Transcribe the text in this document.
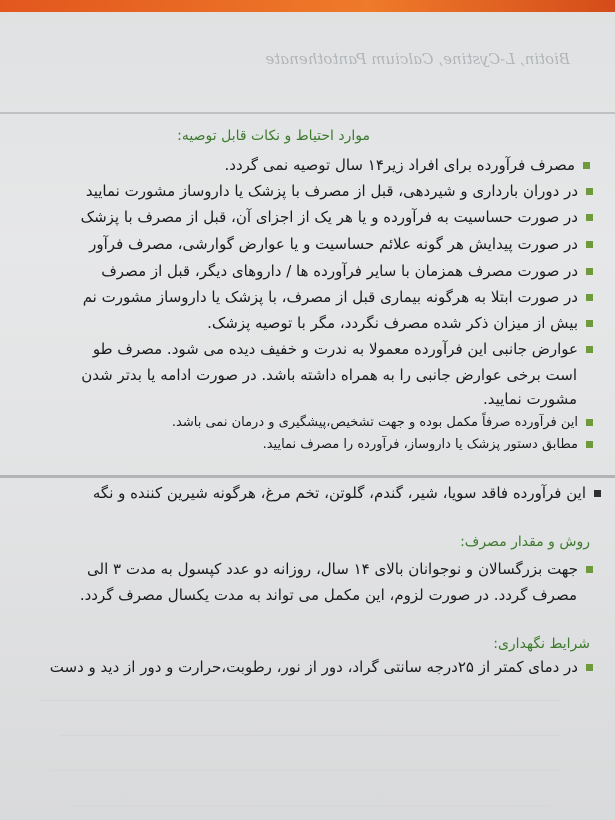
Biotin, L-Cystine, Calcium Pantothenate
موارد احتیاط و نکات قابل توصیه:
مصرف فرآورده برای افراد زیر۱۴ سال توصیه نمی گردد.
در دوران بارداری و شیردهی، قبل از مصرف با پزشک یا داروساز مشورت نمایید
در صورت حساسیت به فرآورده و یا هر یک از اجزای آن، قبل از مصرف با پزشک
در صورت پیدایش هر گونه علائم حساسیت و یا عوارض گوارشی، مصرف فرآور
در صورت مصرف همزمان با سایر فرآورده ها / داروهای دیگر، قبل از مصرف
در صورت ابتلا به هرگونه بیماری قبل از مصرف، با پزشک یا داروساز مشورت نم
بیش از میزان ذکر شده مصرف نگردد، مگر با توصیه پزشک.
عوارض جانبی این فرآورده معمولا به ندرت و خفیف دیده می شود. مصرف طو
است برخی عوارض جانبی را به همراه داشته باشد. در صورت ادامه یا بدتر شدن
مشورت نمایید.
این فرآورده صرفاً مکمل بوده و جهت تشخیص،پیشگیری و درمان نمی باشد.
مطابق دستور پزشک یا داروساز، فرآورده را مصرف نمایید.
این فرآورده فاقد سویا، شیر، گندم، گلوتن، تخم مرغ، هرگونه شیرین کننده و نگه
روش و مقدار مصرف:
جهت بزرگسالان و نوجوانان بالای ۱۴ سال، روزانه دو عدد کپسول به مدت ۳ الی
مصرف گردد. در صورت لزوم، این مکمل می تواند به مدت یکسال مصرف گردد.
شرایط نگهداری:
در دمای کمتر از ۲۵درجه سانتی گراد، دور از نور، رطوبت،حرارت و دور از دید و دست
